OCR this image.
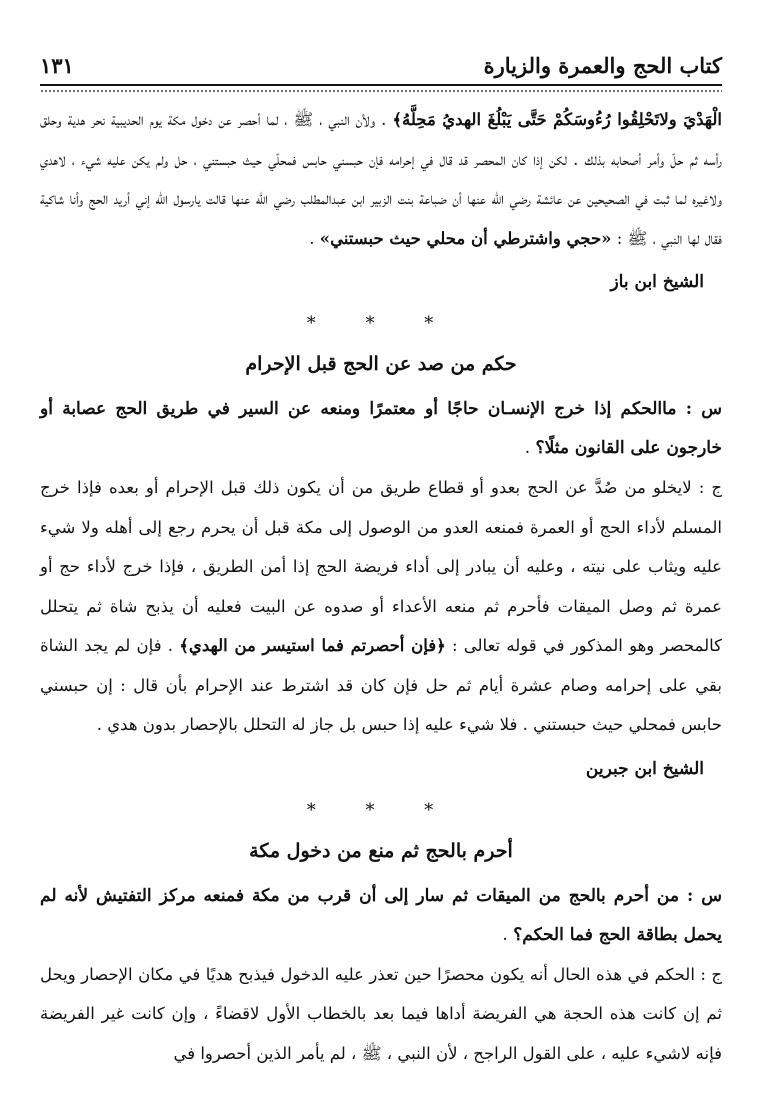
كتاب الحج والعمرة والزيارة
١٣١

الْهَدْيَ ولاتَحْلِقُوا رُءُوسَكُمْ حَتَّى يَبْلُغَ الهديُ مَحِلَّهُ﴾ . ولأن النبي ، ﷺ ، لما أحصر عن دخول مكة يوم الحديبية نحر هدية وحلق رأسه ثم حلّ وأمر أصحابه بذلك . لكن إذا كان المحصر قد قال في إحرامه فإن حبسني حابس فمحلّي حيث حبستني ، حل ولم يكن عليه شيء ، لاهدي ولاغيره لما ثبت في الصحيحين عن عائشة رضي الله عنها أن ضباعة بنت الزبير ابن عبدالمطلب رضي الله عنها قالت يارسول الله إني أريد الحج وأنا شاكية فقال لها النبي ، ﷺ : «حجي واشترطي أن محلي حيث حبستني» .

الشيخ ابن باز
* * *
حكم من صد عن الحج قبل الإحرام

س : ماالحكم إذا خرج الإنسـان حاجًا أو معتمرًا ومنعه عن السير في طريق الحج عصابة أو خارجون على القانون مثلًا؟ .

ج : لايخلو من صُدَّ عن الحج بعدو أو قطاع طريق من أن يكون ذلك قبل الإحرام أو بعده فإذا خرج المسلم لأداء الحج أو العمرة فمنعه العدو من الوصول إلى مكة قبل أن يحرم رجع إلى أهله ولا شيء عليه ويثاب على نيته ، وعليه أن يبادر إلى أداء فريضة الحج إذا أمن الطريق ، فإذا خرج لأداء حج أو عمرة ثم وصل الميقات فأحرم ثم منعه الأعداء أو صدوه عن البيت فعليه أن يذبح شاة ثم يتحلل كالمحصر وهو المذكور في قوله تعالى : ﴿فإن أحصرتم فما استيسر من الهدي﴾ . فإن لم يجد الشاة بقي على إحرامه وصام عشرة أيام ثم حل فإن كان قد اشترط عند الإحرام بأن قال : إن حبسني حابس فمحلي حيث حبستني . فلا شيء عليه إذا حبس بل جاز له التحلل بالإحصار بدون هدي .

الشيخ ابن جبرين
* * *
أحرم بالحج ثم منع من دخول مكة

س : من أحرم بالحج من الميقات ثم سار إلى أن قرب من مكة فمنعه مركز التفتيش لأنه لم يحمل بطاقة الحج فما الحكم؟ .

ج : الحكم في هذه الحال أنه يكون محصرًا حين تعذر عليه الدخول فيذبح هديًا في مكان الإحصار ويحل ثم إن كانت هذه الحجة هي الفريضة أداها فيما بعد بالخطاب الأول لاقضاءً ، وإن كانت غير الفريضة فإنه لاشيء عليه ، على القول الراجح ، لأن النبي ، ﷺ ، لم يأمر الذين أحصروا في
